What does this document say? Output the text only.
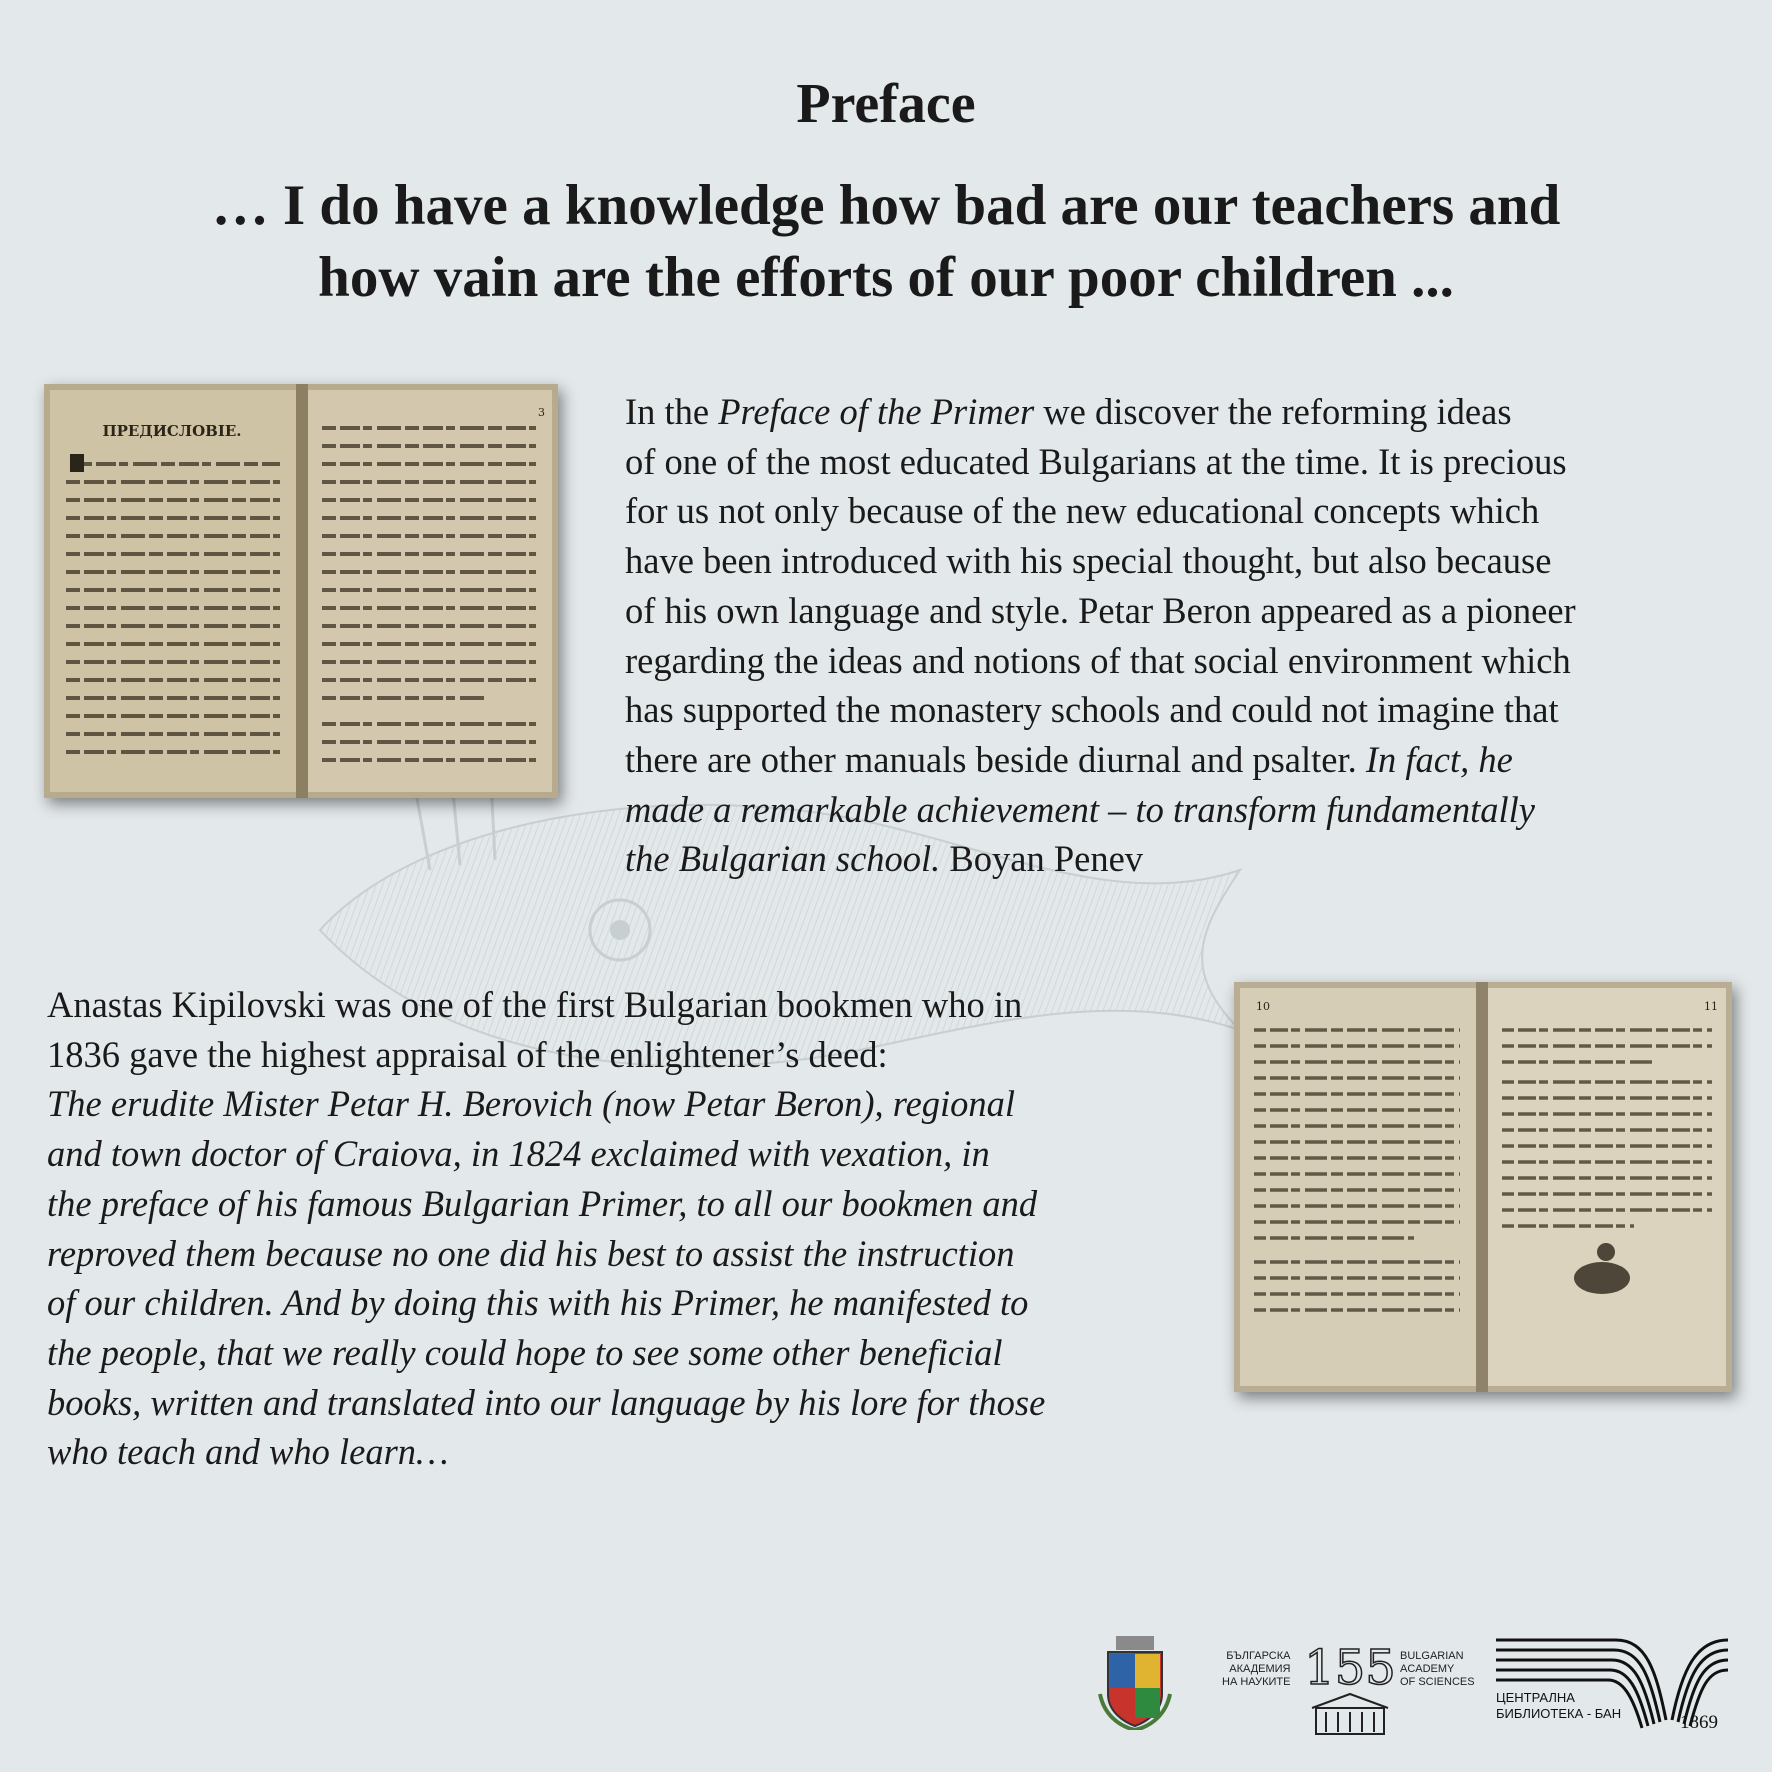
Preface
… I do have a knowledge how bad are our teachers and
how vain are the efforts of our poor children ...
ПРЕДИСЛОВІЕ.
3 In the Preface of the Primer we discover the reforming ideas
of one of the most educated Bulgarians at the time. It is precious
for us not only because of the new educational concepts which
have been introduced with his special thought, but also because
of his own language and style. Petar Beron appeared as a pioneer
regarding the ideas and notions of that social environment which
has supported the monastery schools and could not imagine that
there are other manuals beside diurnal and psalter. In fact, he
made a remarkable achievement – to transform fundamentally
the Bulgarian school. Boyan Penev
Anastas Kipilovski was one of the first Bulgarian bookmen who in
1836 gave the highest appraisal of the enlightener’s deed:
The erudite Mister Petar H. Berovich (now Petar Beron), regional
and town doctor of Craiova, in 1824 exclaimed with vexation, in
the preface of his famous Bulgarian Primer, to all our bookmen and
reproved them because no one did his best to assist the instruction
of our children. And by doing this with his Primer, he manifested to
the people, that we really could hope to see some other beneficial
books, written and translated into our language by his lore for those
who teach and who learn…
10	11
БЪЛГАРСКА
АКАДЕМИЯ
НА НАУКИТЕ 155 BULGARIAN
ACADEMY
OF SCIENCES
ЦЕНТРАЛНА
БИБЛИОТЕКА - БАН	1869
